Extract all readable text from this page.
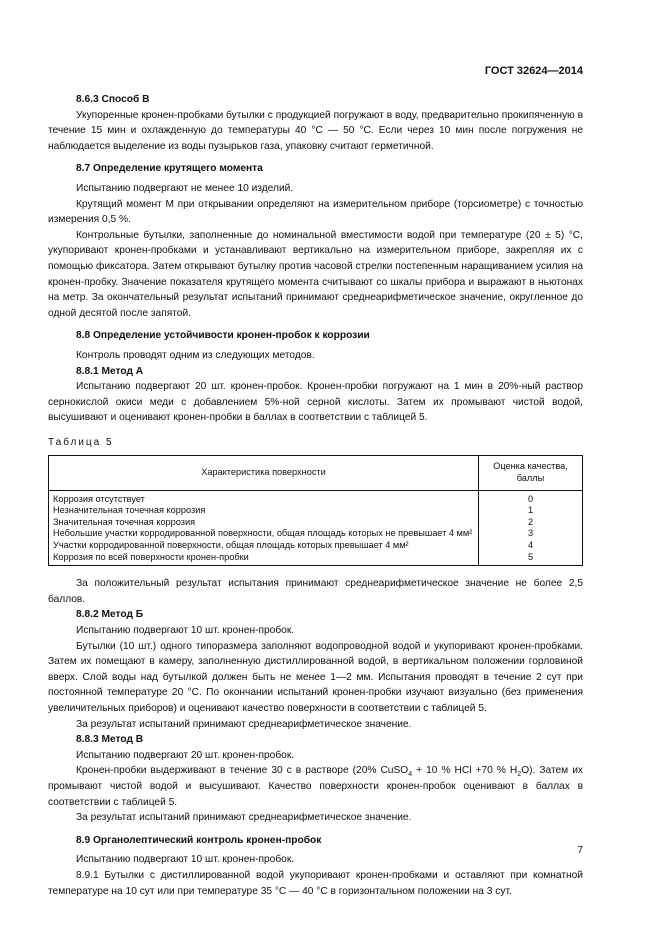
ГОСТ 32624—2014

8.6.3 Способ В

Укупоренные кронен-пробками бутылки с продукцией погружают в воду, предварительно прокипяченную в течение 15 мин и охлажденную до температуры 40 °С — 50 °С. Если через 10 мин после погружения не наблюдается выделение из воды пузырьков газа, упаковку считают герметичной.

8.7 Определение крутящего момента

Испытанию подвергают не менее 10 изделий.

Крутящий момент М при открывании определяют на измерительном приборе (торсиометре) с точностью измерения 0,5 %.

Контрольные бутылки, заполненные до номинальной вместимости водой при температуре (20 ± 5) °С, укупоривают кронен-пробками и устанавливают вертикально на измерительном приборе, закрепляя их с помощью фиксатора. Затем открывают бутылку против часовой стрелки постепенным наращиванием усилия на кронен-пробку. Значение показателя крутящего момента считывают со шкалы прибора и выражают в ньютонах на метр. За окончательный результат испытаний принимают среднеарифметическое значение, округленное до одной десятой после запятой.

8.8 Определение устойчивости кронен-пробок к коррозии

Контроль проводят одним из следующих методов.

8.8.1 Метод А

Испытанию подвергают 20 шт. кронен-пробок. Кронен-пробки погружают на 1 мин в 20%-ный раствор сернокислой окиси меди с добавлением 5%-ной серной кислоты. Затем их промывают чистой водой, высушивают и оценивают кронен-пробки в баллах в соответствии с таблицей 5.

Таблица 5

Характеристика поверхности	Оценка качества, баллы
Коррозия отсутствует	0
Незначительная точечная коррозия	1
Значительная точечная коррозия	2
Небольшие участки корродированной поверхности, общая площадь которых не превышает 4 мм²	3
Участки корродированной поверхности, общая площадь которых превышает 4 мм²	4
Коррозия по всей поверхности кронен-пробки	5

За положительный результат испытания принимают среднеарифметическое значение не более 2,5 баллов.

8.8.2 Метод Б

Испытанию подвергают 10 шт. кронен-пробок.

Бутылки (10 шт.) одного типоразмера заполняют водопроводной водой и укупоривают кронен-пробками. Затем их помещают в камеру, заполненную дистиллированной водой, в вертикальном положении горловиной вверх. Слой воды над бутылкой должен быть не менее 1—2 мм. Испытания проводят в течение 2 сут при постоянной температуре 20 °С. По окончании испытаний кронен-пробки изучают визуально (без применения увеличительных приборов) и оценивают качество поверхности в соответствии с таблицей 5.

За результат испытаний принимают среднеарифметическое значение.

8.8.3 Метод В

Испытанию подвергают 20 шт. кронен-пробок.

Кронен-пробки выдерживают в течение 30 с в растворе (20% CuSO$_4$ + 10 % HCl +70 % $H_2O$). Затем их промывают чистой водой и высушивают. Качество поверхности кронен-пробок оценивают в баллах в соответствии с таблицей 5.

За результат испытаний принимают среднеарифметическое значение.

8.9 Органолептический контроль кронен-пробок

Испытанию подвергают 10 шт. кронен-пробок.

8.9.1 Бутылки с дистиллированной водой укупоривают кронен-пробками и оставляют при комнатной температуре на 10 сут или при температуре 35 °С — 40 °С в горизонтальном положении на 3 сут.

7
